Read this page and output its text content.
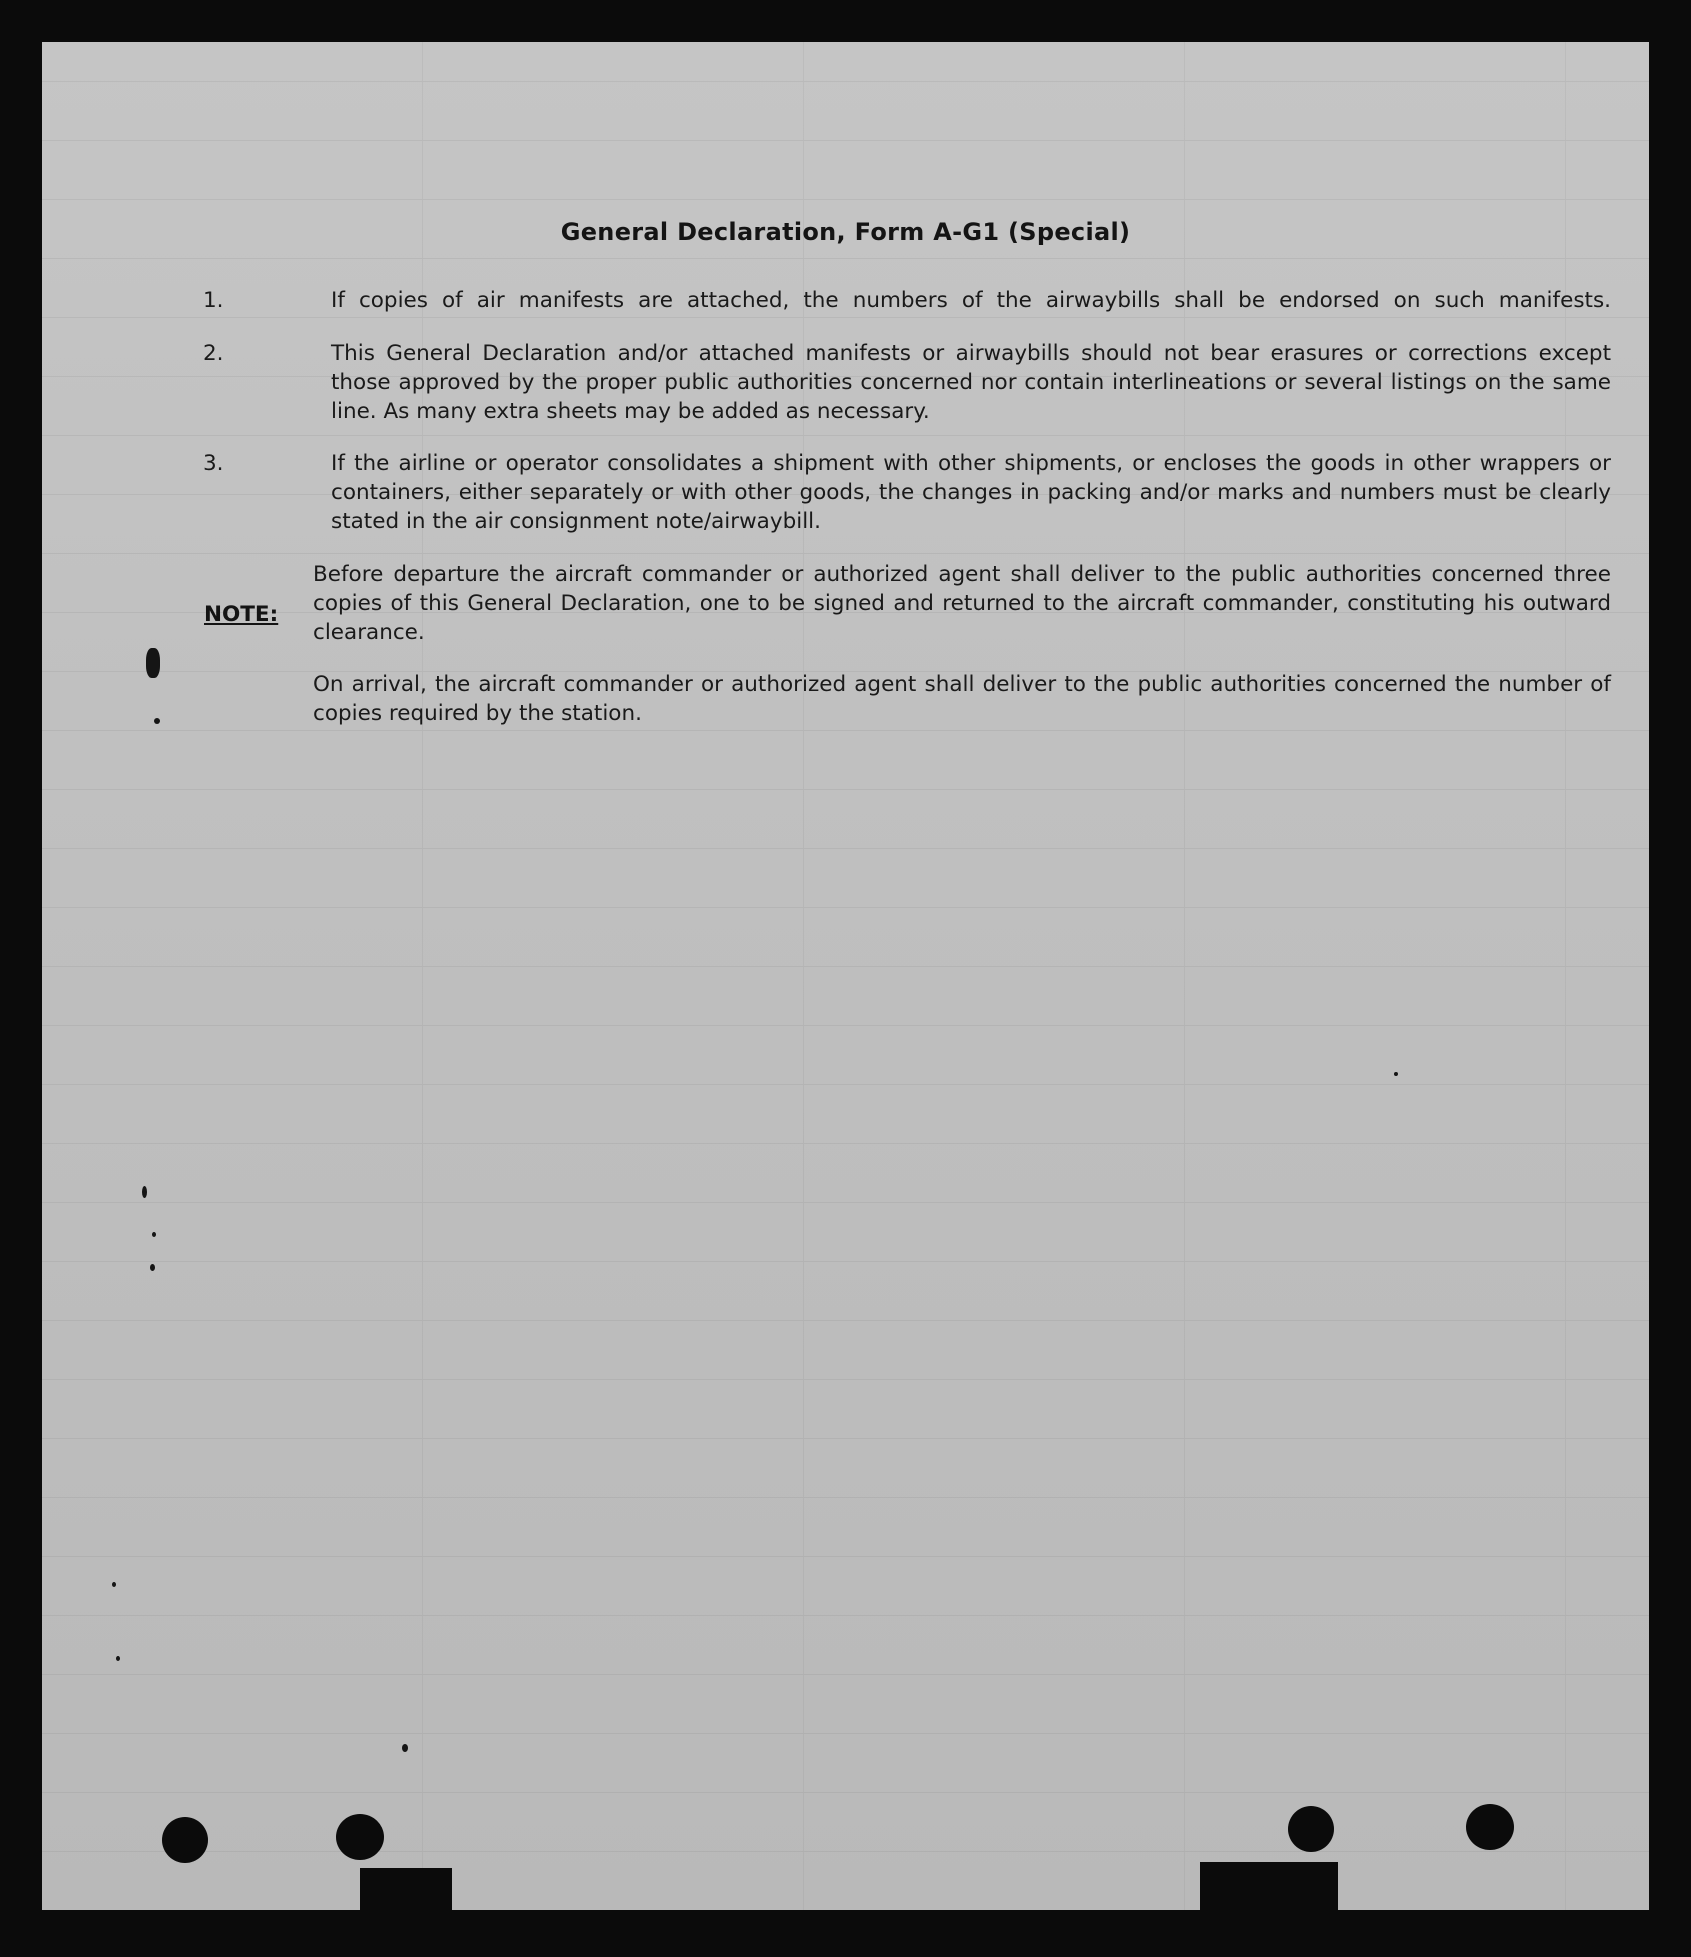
General Declaration, Form A-G1 (Special)
1.	If copies of air manifests are attached, the numbers of the airwaybills shall be endorsed on such manifests.
2.	This General Declaration and/or attached manifests or airwaybills should not bear erasures or corrections except those approved by the proper public authorities concerned nor contain interlineations or several listings on the same line. As many extra sheets may be added as necessary.
3.	If the airline or operator consolidates a shipment with other shipments, or encloses the goods in other wrappers or containers, either separately or with other goods, the changes in packing and/or marks and numbers must be clearly stated in the air consignment note/airwaybill.
NOTE:
Before departure the aircraft commander or authorized agent shall deliver to the public authorities concerned three copies of this General Declaration, one to be signed and returned to the aircraft commander, constituting his outward clearance.
On arrival, the aircraft commander or authorized agent shall deliver to the public authorities concerned the number of copies required by the station.
